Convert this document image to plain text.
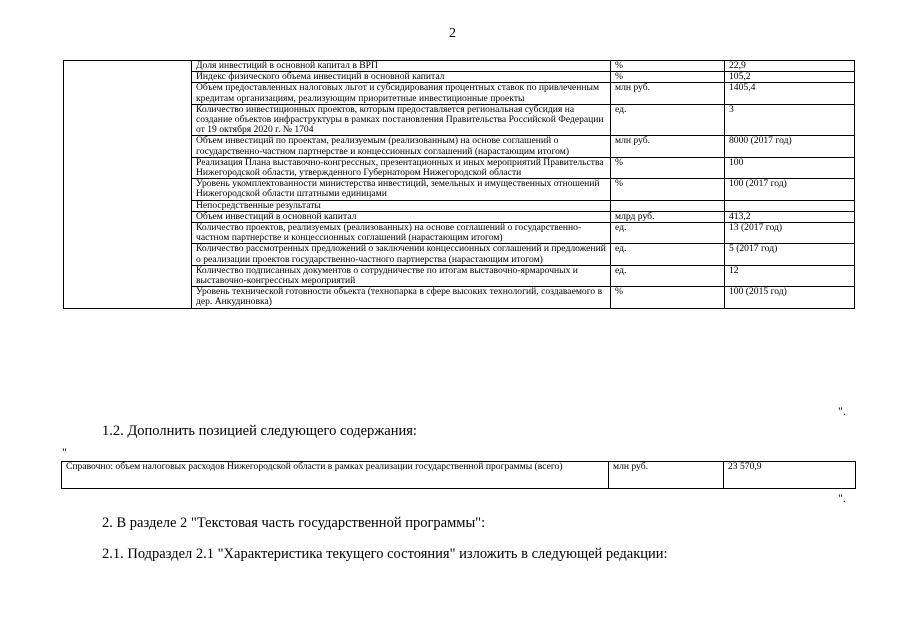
2
	Доля инвестиций в основной капитал в ВРП	%	22,9
	Индекс физического объема инвестиций в основной капитал	%	105,2
	Объем предоставленных налоговых льгот и субсидирования процентных ставок по привлеченным кредитам организациям, реализующим приоритетные инвестиционные проекты	млн руб.	1405,4
	Количество инвестиционных проектов, которым предоставляется региональная субсидия на создание объектов инфраструктуры в рамках постановления Правительства Российской Федерации от 19 октября 2020 г. № 1704	ед.	3
	Объем инвестиций по проектам, реализуемым (реализованным) на основе соглашений о государственно-частном партнерстве и концессионных соглашений (нарастающим итогом)	млн руб.	8000 (2017 год)
	Реализация Плана выставочно-конгрессных, презентационных и иных мероприятий Правительства Нижегородской области, утвержденного Губернатором Нижегородской области	%	100
	Уровень укомплектованности министерства инвестиций, земельных и имущественных отношений Нижегородской области штатными единицами	%	100 (2017 год)
	Непосредственные результаты		
	Объем инвестиций в основной капитал	млрд руб.	413,2
	Количество проектов, реализуемых (реализованных) на основе соглашений о государственно-частном партнерстве и концессионных соглашений (нарастающим итогом)	ед.	13 (2017 год)
	Количество рассмотренных предложений о заключении концессионных соглашений и предложений о реализации проектов государственно-частного партнерства (нарастающим итогом)	ед.	5 (2017 год)
	Количество подписанных документов о сотрудничестве по итогам выставочно-ярмарочных и выставочно-конгрессных мероприятий	ед.	12
	Уровень технической готовности объекта (технопарка в сфере высоких технологий, создаваемого в дер. Анкудиновка)	%	100 (2015 год)
".
1.2. Дополнить позицией следующего содержания:
"
Справочно: объем налоговых расходов Нижегородской области в рамках реализации государственной программы (всего)	млн руб.	23 570,9
".
2. В разделе 2 "Текстовая часть государственной программы":
2.1. Подраздел 2.1 "Характеристика текущего состояния" изложить в следующей редакции:
